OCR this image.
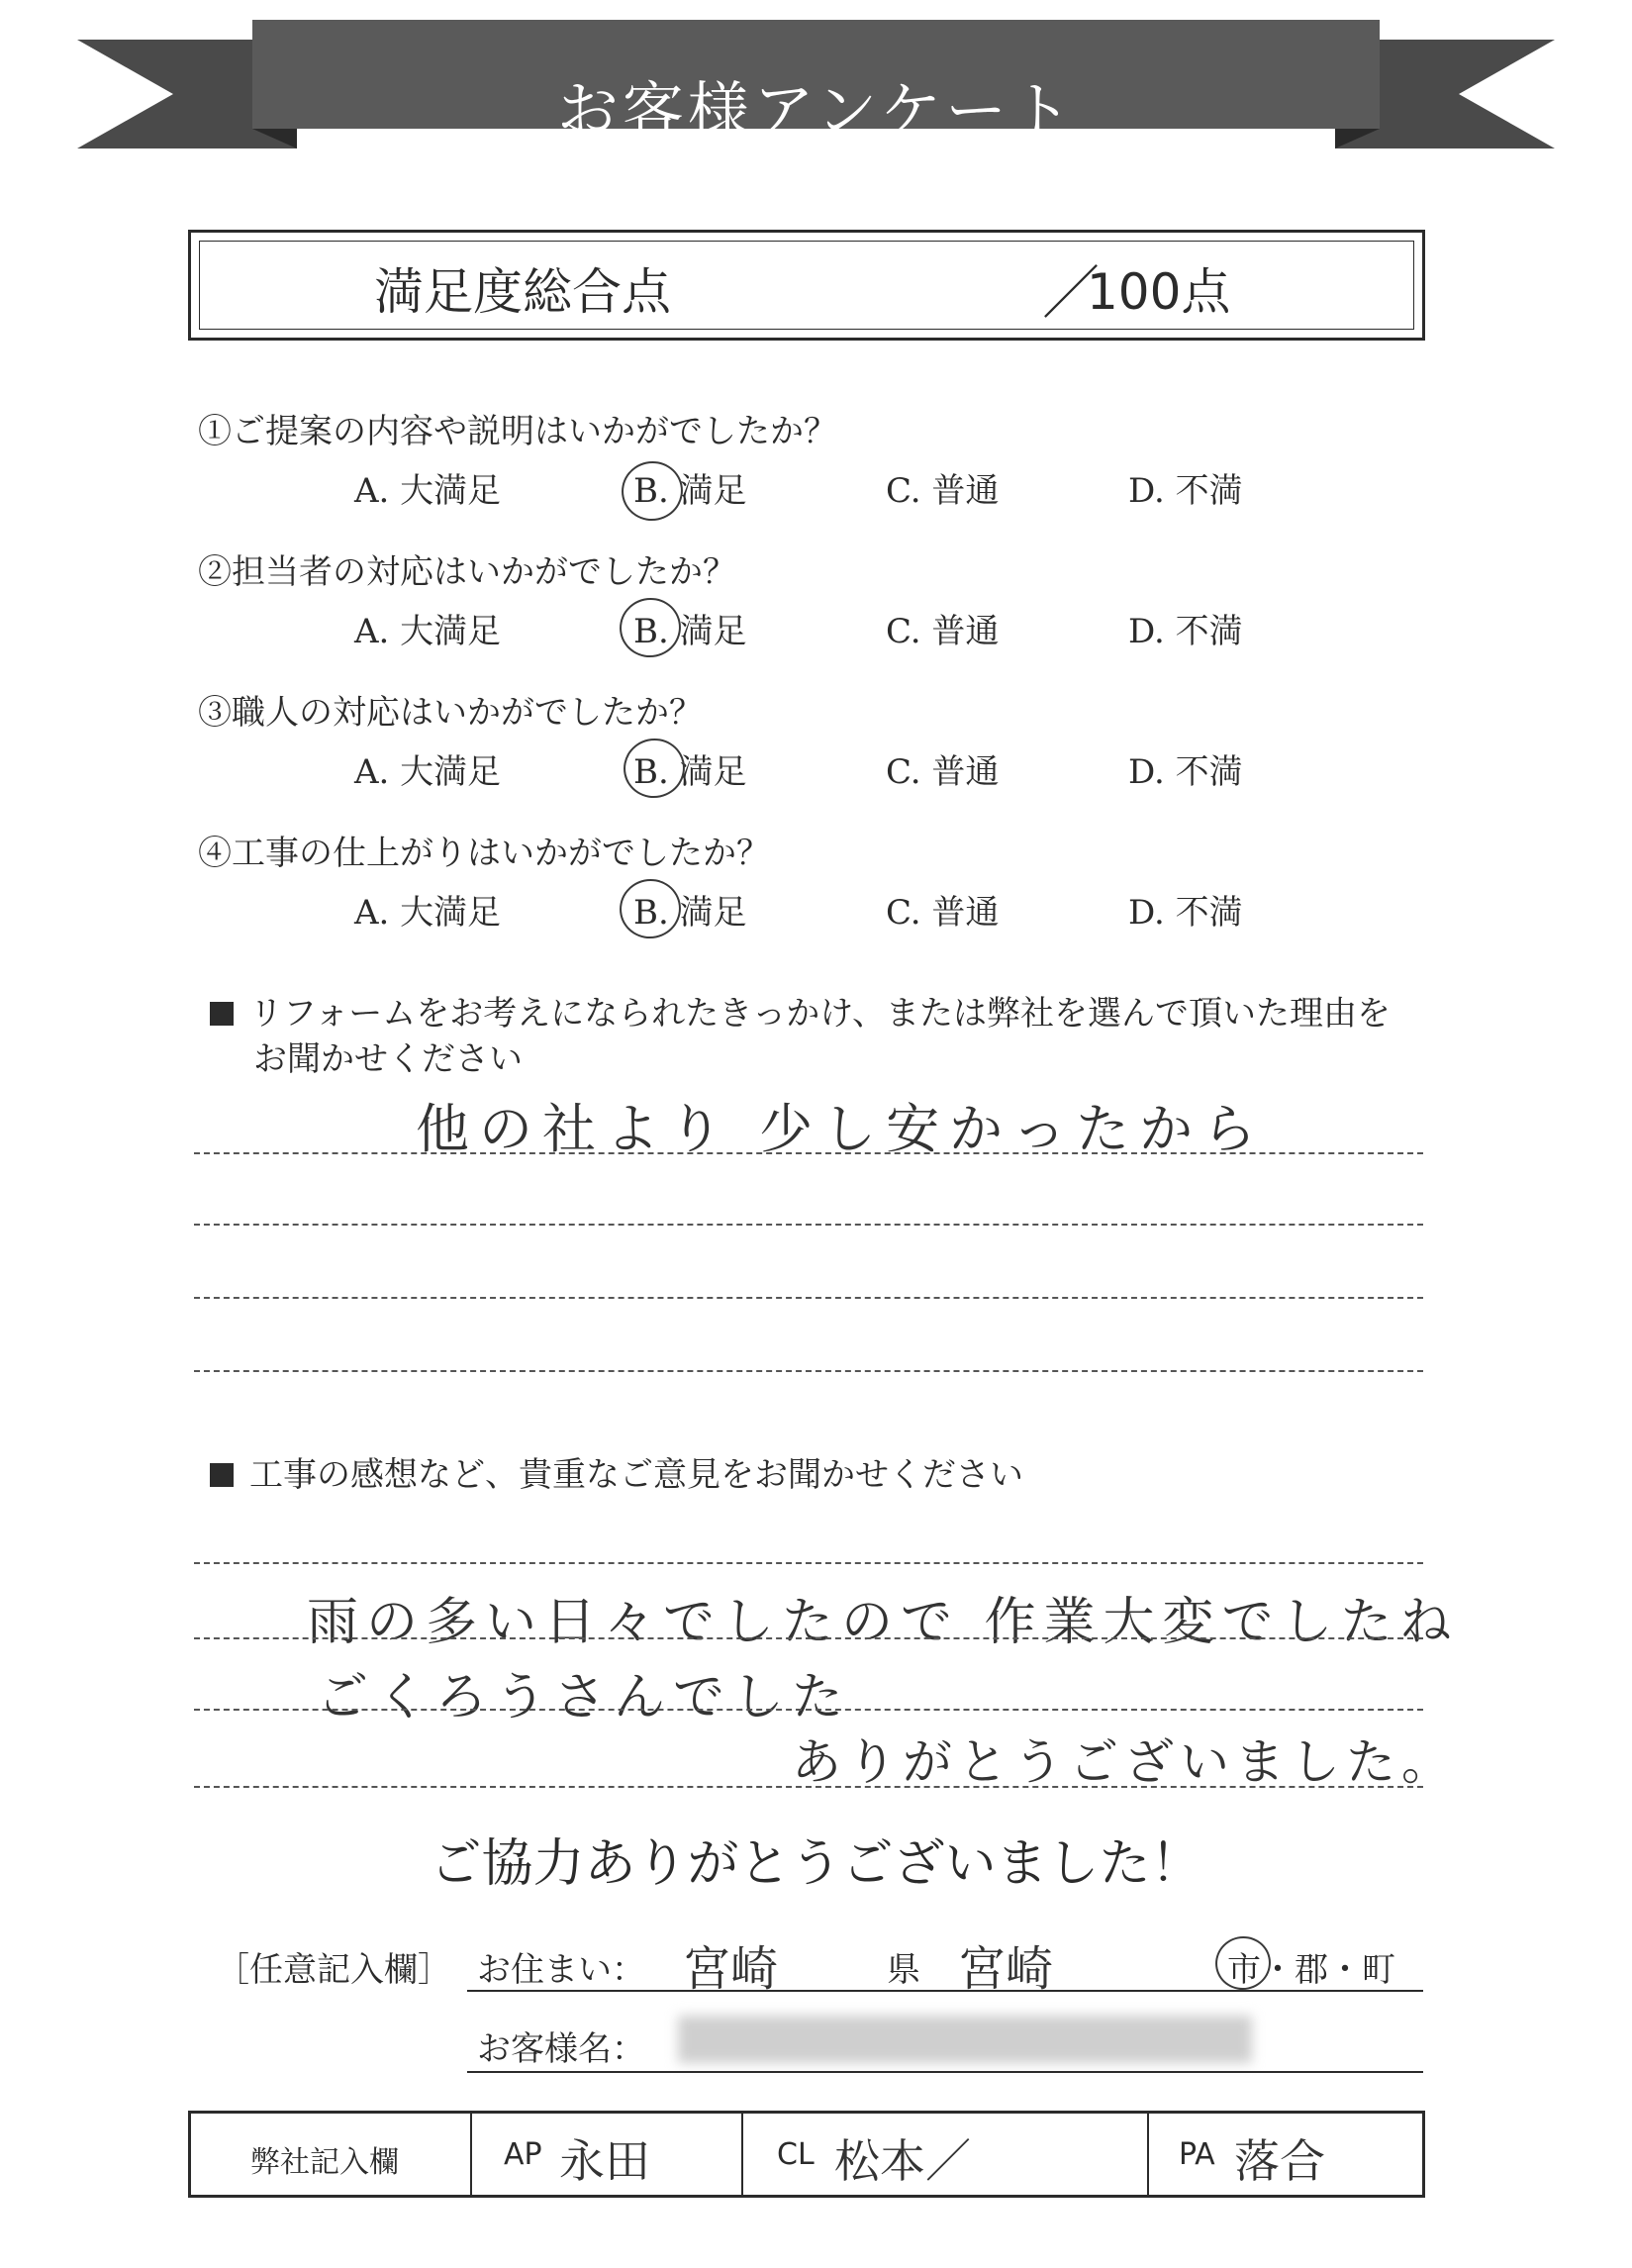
お客様アンケート
満足度総合点	／
100点
①ご提案の内容や説明はいかがでしたか？
A. 大満足	B. 満足	C. 普通	D. 不満
②担当者の対応はいかがでしたか？
A. 大満足	B. 満足	C. 普通	D. 不満
③職人の対応はいかがでしたか？
A. 大満足	B. 満足	C. 普通	D. 不満
④工事の仕上がりはいかがでしたか？
A. 大満足	B. 満足	C. 普通	D. 不満
リフォームをお考えになられたきっかけ、または弊社を選んで頂いた理由を
お聞かせください
他の社より 少し安かったから
工事の感想など、貴重なご意見をお聞かせください
雨の多い日々でしたので 作業大変でしたね
ごくろうさんでした
ありがとうございました。
ご協力ありがとうございました！
［任意記入欄］ お住まい： 宮崎	県 宮崎	市・郡・町
お客様名：
弊社記入欄	AP 永田	CL 松本／	PA 落合
